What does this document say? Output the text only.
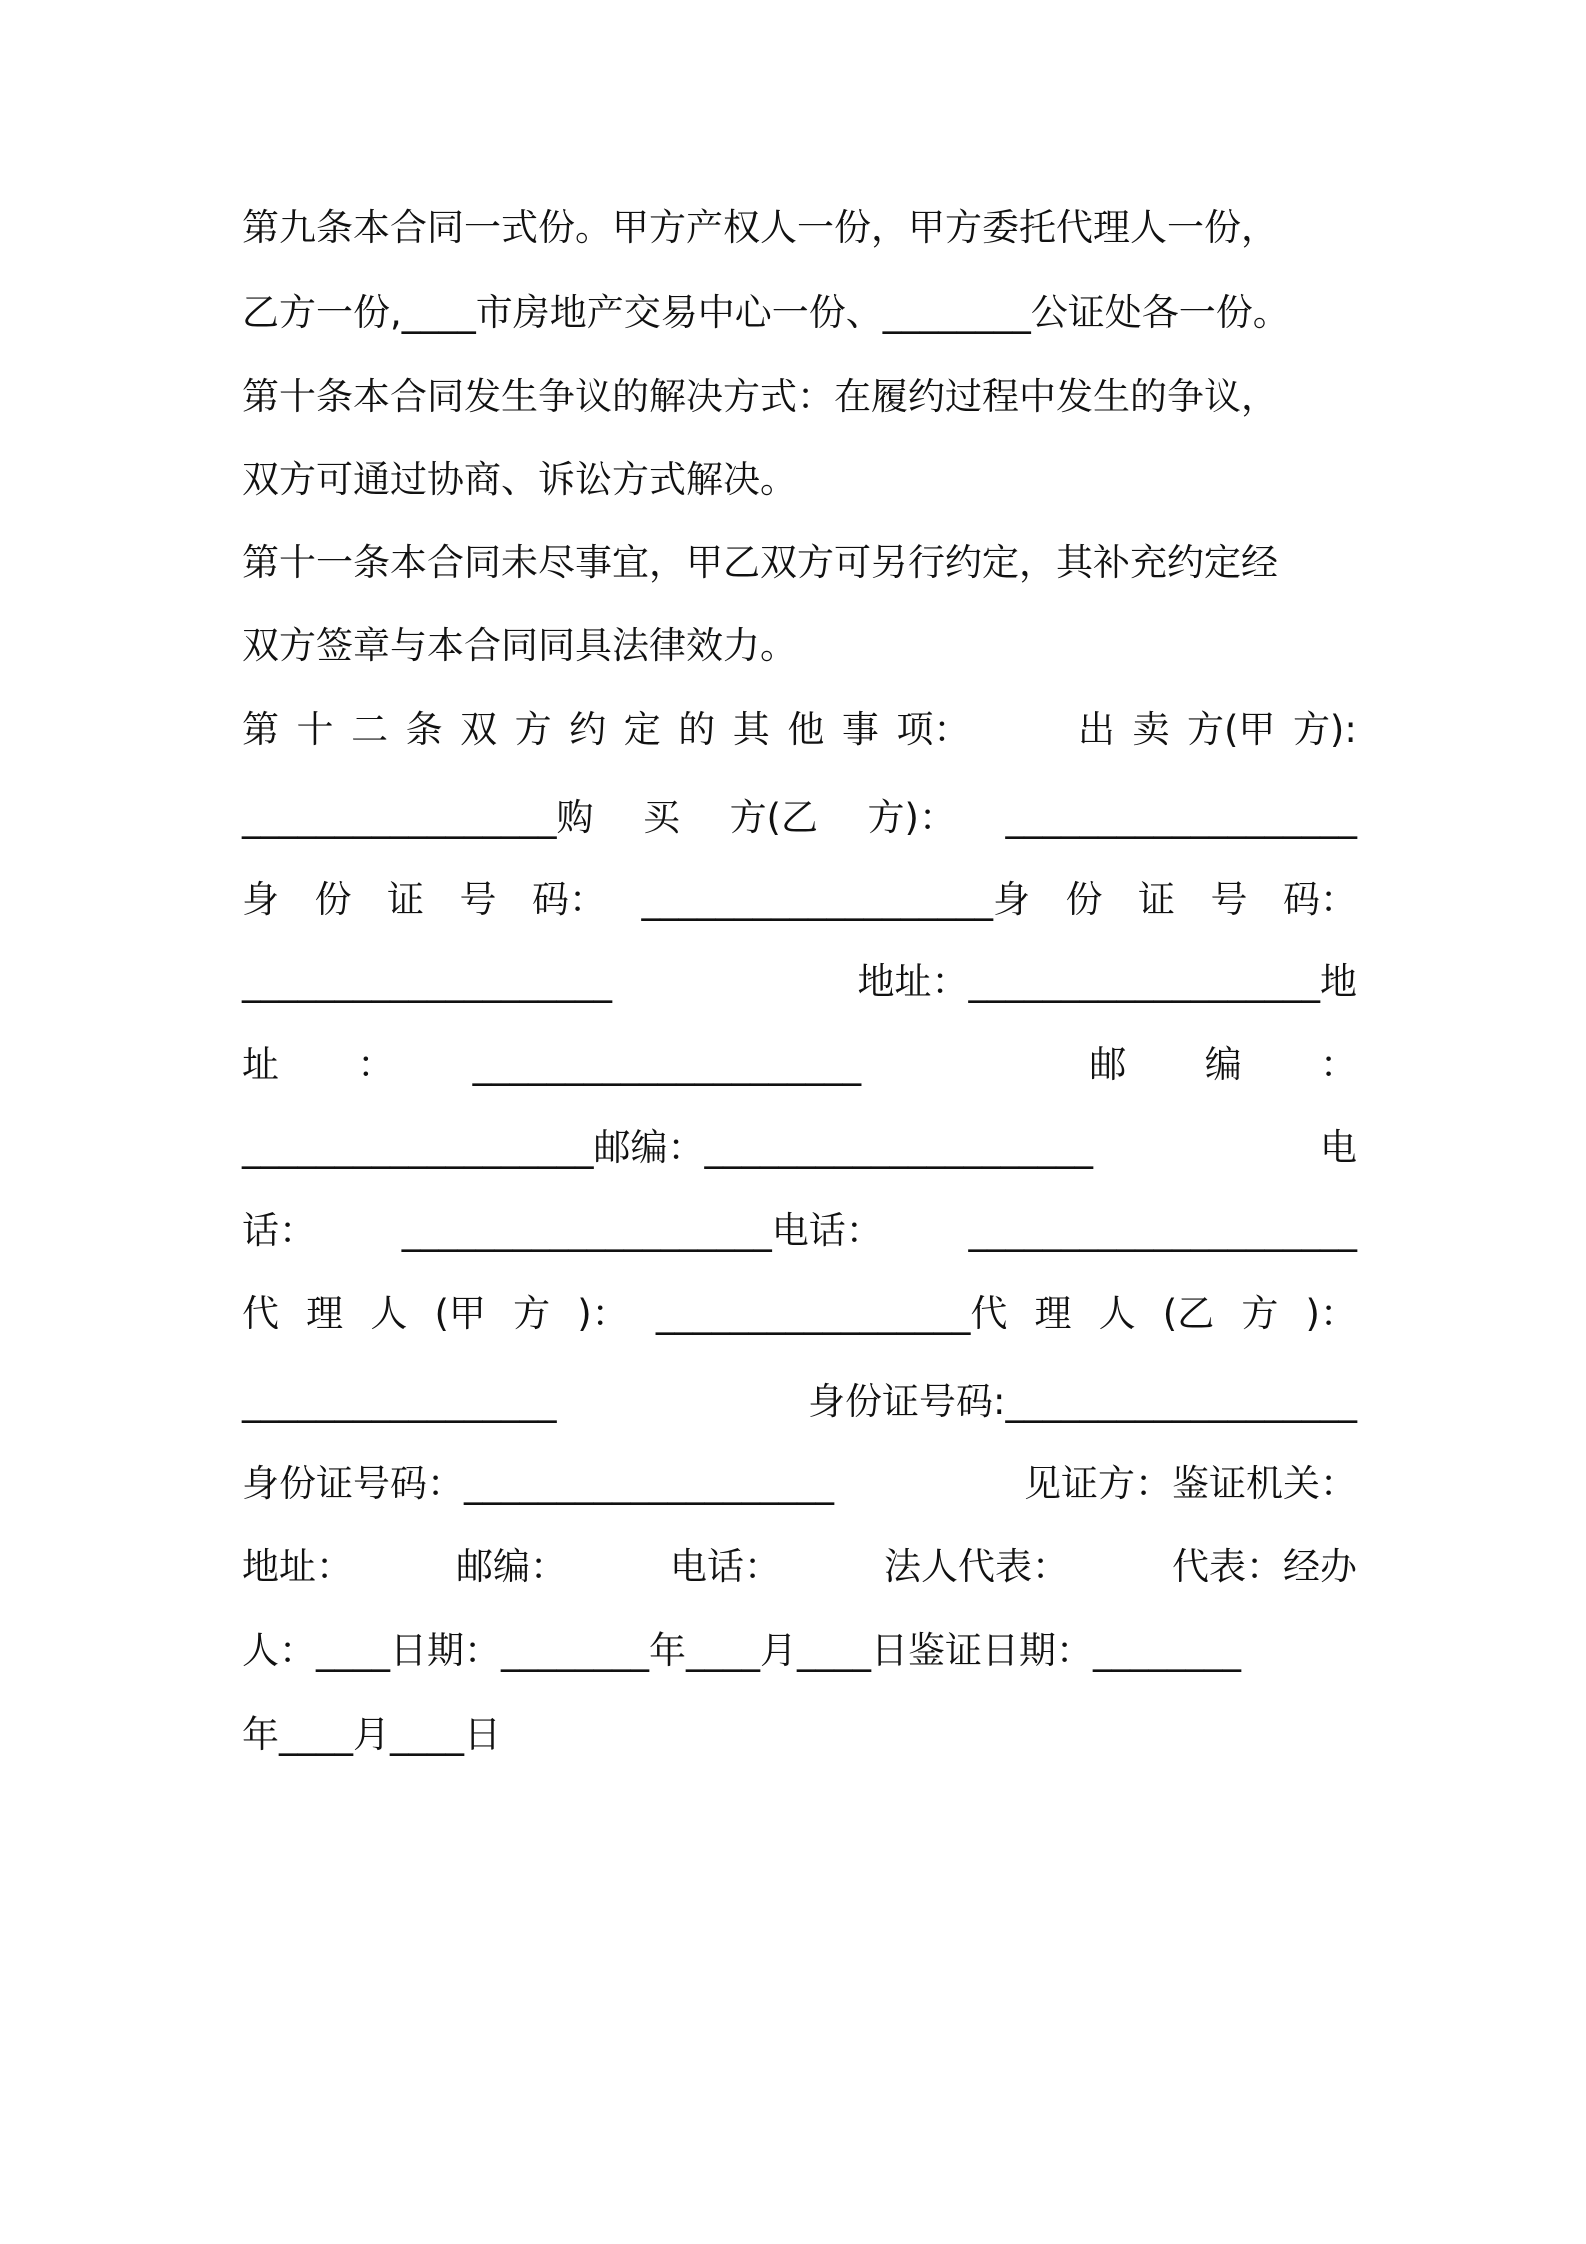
第九条本合同一式份。甲方产权人一份，甲方委托代理人一份，
乙方一份,____市房地产交易中心一份、________公证处各一份。
第十条本合同发生争议的解决方式：在履约过程中发生的争议，
双方可通过协商、诉讼方式解决。
第十一条本合同未尽事宜，甲乙双方可另行约定，其补充约定经
双方签章与本合同同具法律效力。
第 十 二 条 双 方 约 定 的 其 他 事 项：	出 卖 方(甲 方):
_________________购 买 方(乙 方)： ___________________
身 份 证 号 码： ___________________身 份 证 号 码：
____________________	地址：___________________地
址 ： _____________________	邮 编 ：
___________________邮编：_____________________	电
话： ____________________电话： _____________________
代 理 人 (甲 方 )： _________________代 理 人 (乙 方 )：
_________________	身份证号码:___________________
身份证号码：____________________	见证方：鉴证机关：
地址：	邮编：	电话：	法人代表：	代表：经办
人：____日期：________年____月____日鉴证日期：________
年____月____日
